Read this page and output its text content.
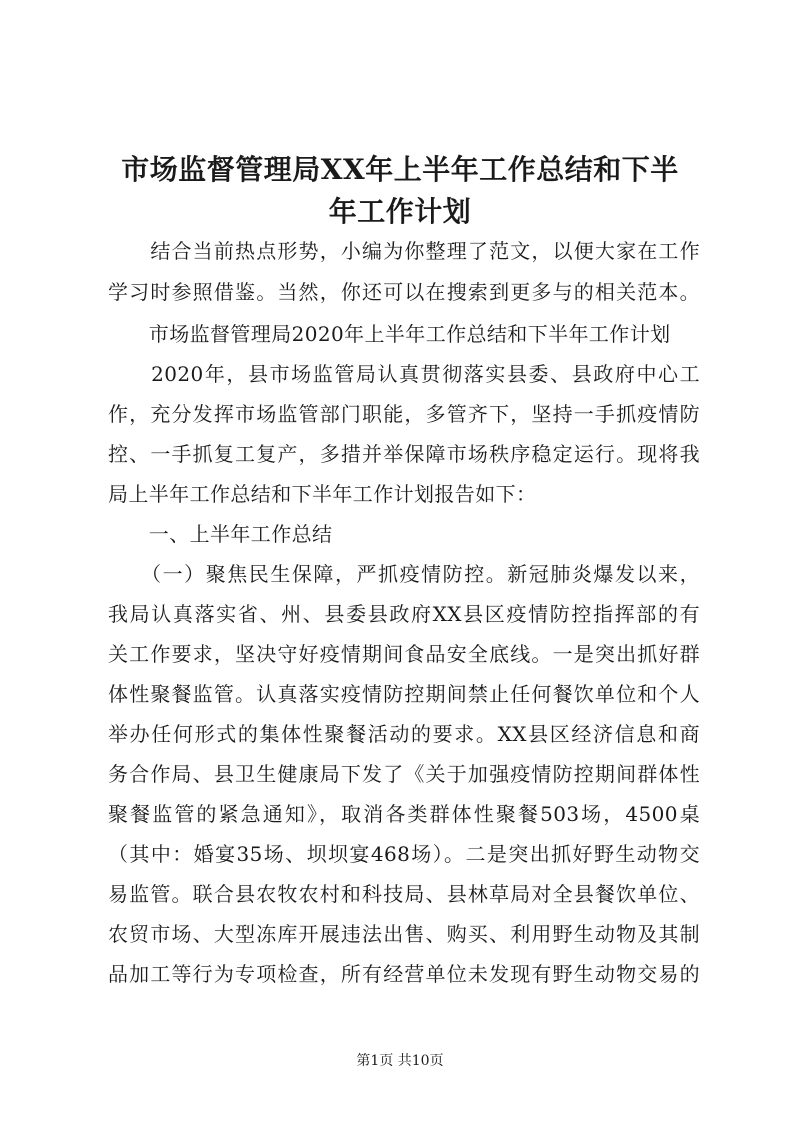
市场监督管理局XX年上半年工作总结和下半
年工作计划

　　结合当前热点形势，小编为你整理了范文，以便大家在工作

学习时参照借鉴。当然，你还可以在搜索到更多与的相关范本。

　　市场监督管理局2020年上半年工作总结和下半年工作计划

　　2020年，县市场监管局认真贯彻落实县委、县政府中心工

作，充分发挥市场监管部门职能，多管齐下，坚持一手抓疫情防

控、一手抓复工复产，多措并举保障市场秩序稳定运行。现将我

局上半年工作总结和下半年工作计划报告如下：

　　一、上半年工作总结

　　（一）聚焦民生保障，严抓疫情防控。新冠肺炎爆发以来，

我局认真落实省、州、县委县政府XX县区疫情防控指挥部的有

关工作要求，坚决守好疫情期间食品安全底线。一是突出抓好群

体性聚餐监管。认真落实疫情防控期间禁止任何餐饮单位和个人

举办任何形式的集体性聚餐活动的要求。XX县区经济信息和商

务合作局、县卫生健康局下发了《关于加强疫情防控期间群体性

聚餐监管的紧急通知》，取消各类群体性聚餐503场，4500桌

（其中：婚宴35场、坝坝宴468场）。二是突出抓好野生动物交

易监管。联合县农牧农村和科技局、县林草局对全县餐饮单位、

农贸市场、大型冻库开展违法出售、购买、利用野生动物及其制

品加工等行为专项检查，所有经营单位未发现有野生动物交易的

第1页 共10页
